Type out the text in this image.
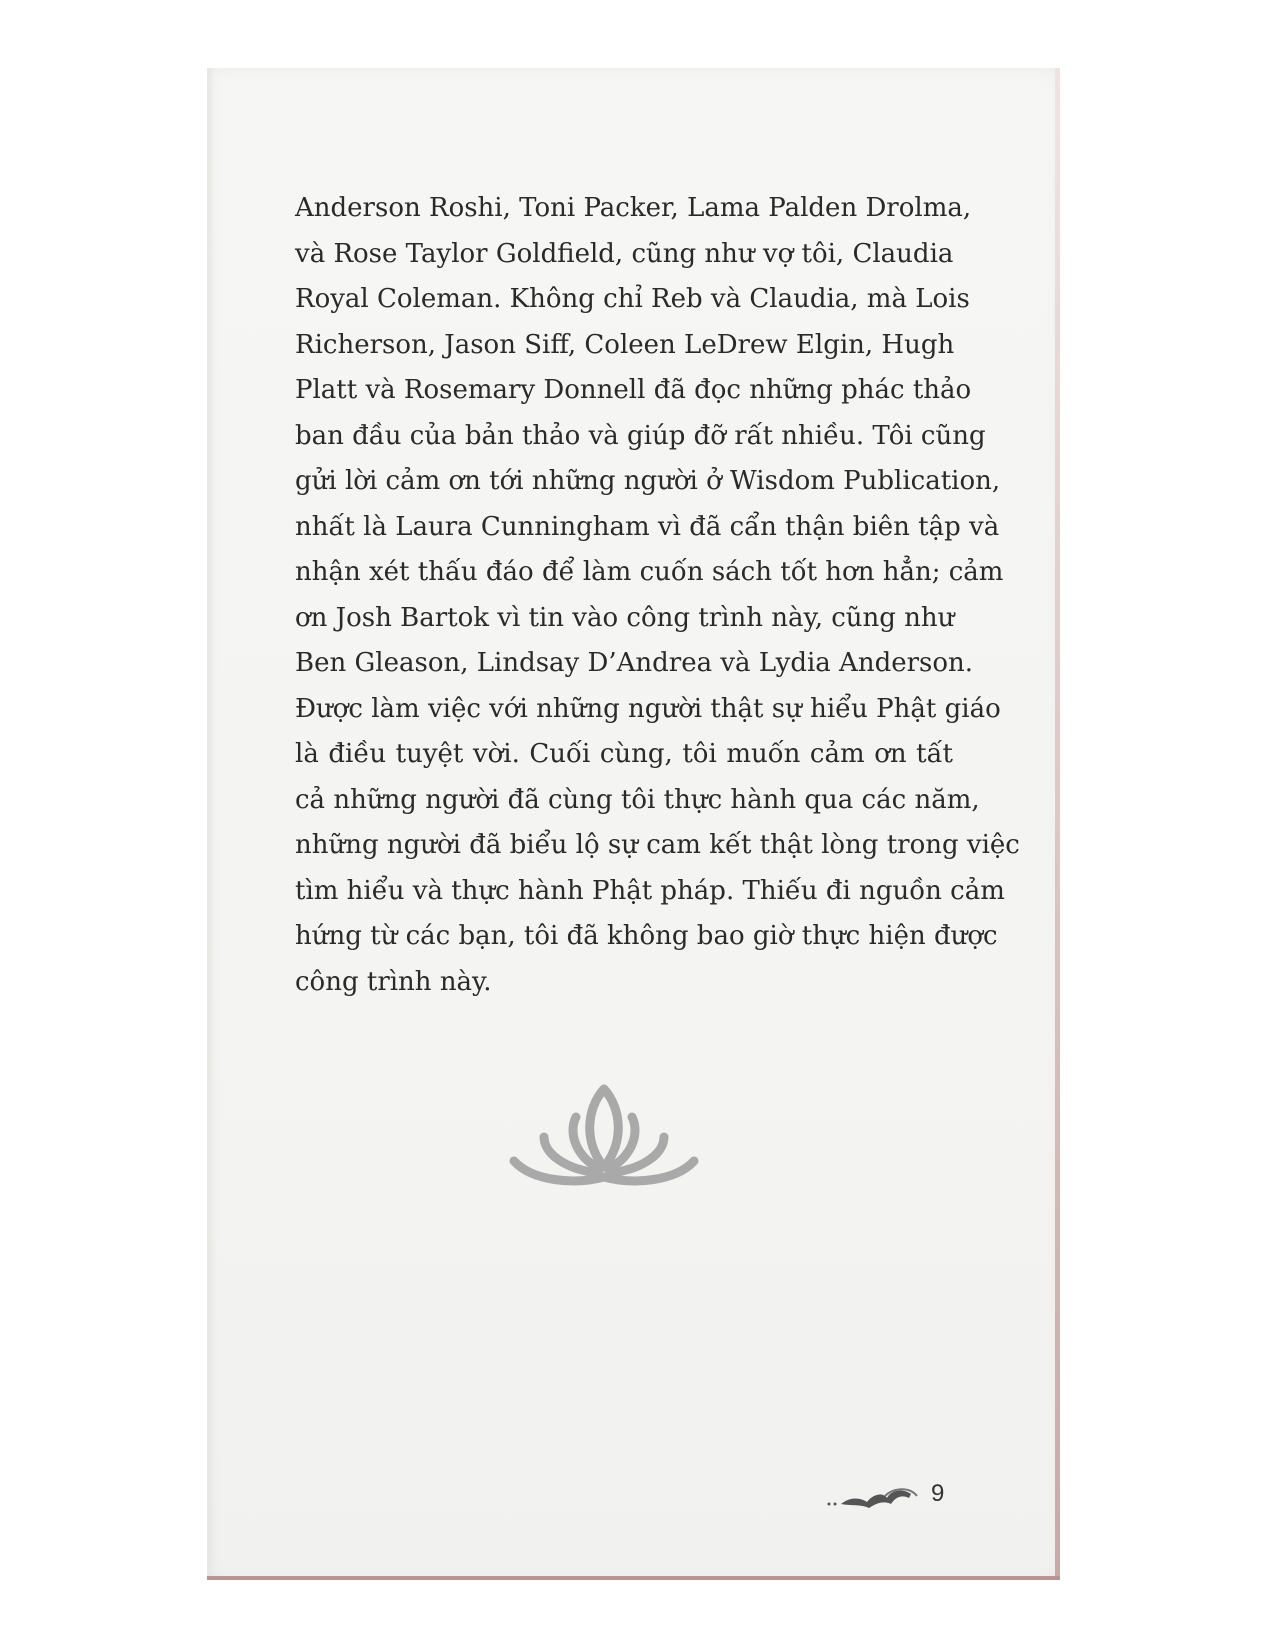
Anderson Roshi, Toni Packer, Lama Palden Drolma,
và Rose Taylor Goldfield, cũng như vợ tôi, Claudia
Royal Coleman. Không chỉ Reb và Claudia, mà Lois
Richerson, Jason Siff, Coleen LeDrew Elgin, Hugh
Platt và Rosemary Donnell đã đọc những phác thảo
ban đầu của bản thảo và giúp đỡ rất nhiều. Tôi cũng
gửi lời cảm ơn tới những người ở Wisdom Publication,
nhất là Laura Cunningham vì đã cẩn thận biên tập và
nhận xét thấu đáo để làm cuốn sách tốt hơn hẳn; cảm
ơn Josh Bartok vì tin vào công trình này, cũng như
Ben Gleason, Lindsay D’Andrea và Lydia Anderson.
Được làm việc với những người thật sự hiểu Phật giáo
là điều tuyệt vời. Cuối cùng, tôi muốn cảm ơn tất
cả những người đã cùng tôi thực hành qua các năm,
những người đã biểu lộ sự cam kết thật lòng trong việc
tìm hiểu và thực hành Phật pháp. Thiếu đi nguồn cảm
hứng từ các bạn, tôi đã không bao giờ thực hiện được
công trình này.
9
